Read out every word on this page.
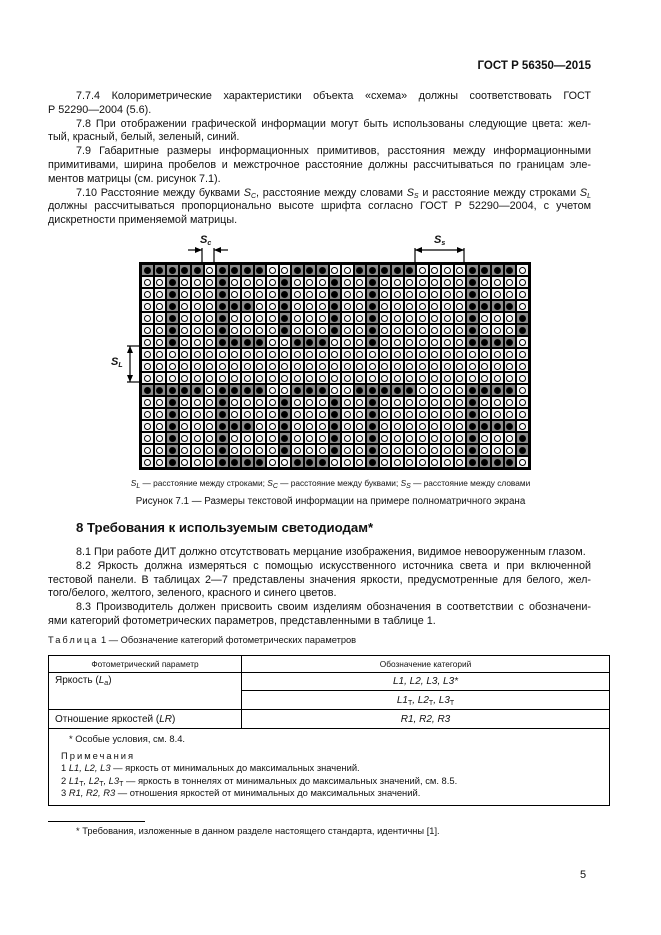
ГОСТ Р 56350—2015
7.7.4 Колориметрические характеристики объекта «схема» должны соответствовать ГОСТ
Р 52290—2004 (5.6).
7.8 При отображении графической информации могут быть использованы следующие цвета: жел-
тый, красный, белый, зеленый, синий.
7.9 Габаритные размеры информационных примитивов, расстояния между информационными
примитивами, ширина пробелов и межстрочное расстояние должны рассчитываться по границам эле-
ментов матрицы (см. рисунок 7.1).
7.10 Расстояние между буквами $S_C$, расстояние между словами $S_S$ и расстояние между строками $S_L$
должны рассчитываться пропорционально высоте шрифта согласно ГОСТ Р 52290—2004, с учетом
дискретности применяемой матрицы.
$S_c$	$S_s$
$S_L$
$S_L$ — расстояние между строками; $S_C$ — расстояние между буквами; $S_S$ — расстояние между словами
Рисунок 7.1 — Размеры текстовой информации на примере полноматричного экрана
8 Требования к используемым светодиодам*
8.1 При работе ДИТ должно отсутствовать мерцание изображения, видимое невооруженным глазом.
8.2 Яркость должна измеряться с помощью искусственного источника света и при включенной
тестовой панели. В таблицах 2—7 представлены значения яркости, предусмотренные для белого, жел-
того/белого, желтого, зеленого, красного и синего цветов.
8.3 Производитель должен присвоить своим изделиям обозначения в соответствии с обозначени-
ями категорий фотометрических параметров, представленными в таблице 1.
Таблица 1 — Обозначение категорий фотометрических параметров
Фотометрический параметр	Обозначение категорий
Яркость $(L_a)$	L1, L2, L3, L3*
	$L1_T$, $L2_T$, $L3_T$
Отношение яркостей (LR)	R1, R2, R3

* Особые условия, см. 8.4.
Примечания
1 L1, L2, L3 — яркость от минимальных до максимальных значений.
2 $L1_T$, $L2_T$, $L3_T$ — яркость в тоннелях от минимальных до максимальных значений, см. 8.5.
3 R1, R2, R3 — отношения яркостей от минимальных до максимальных значений.	
* Требования, изложенные в данном разделе настоящего стандарта, идентичны [1].
5
